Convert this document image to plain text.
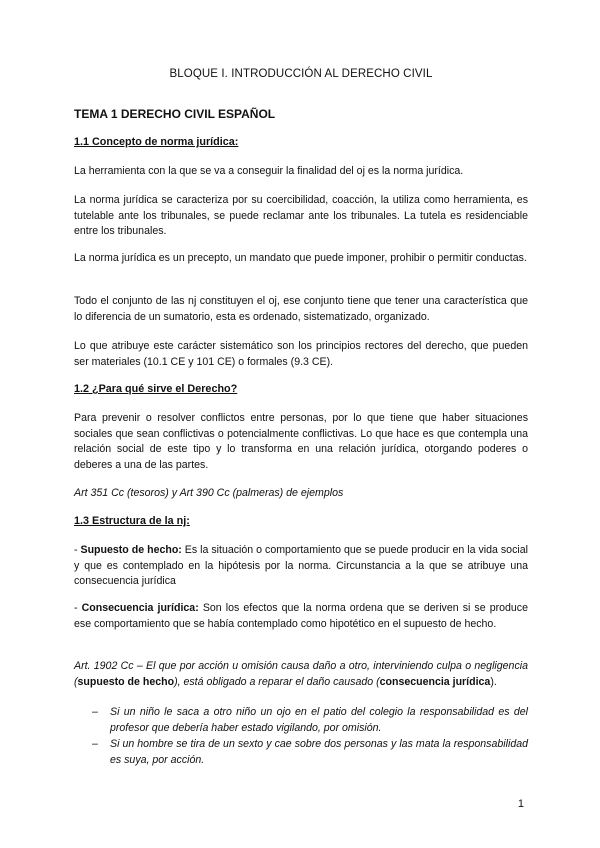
BLOQUE I. INTRODUCCIÓN AL DERECHO CIVIL
TEMA 1 DERECHO CIVIL ESPAÑOL
1.1 Concepto de norma jurídica:

La herramienta con la que se va a conseguir la finalidad del oj es la norma jurídica.

La norma jurídica se caracteriza por su coercibilidad, coacción, la utiliza como herramienta, es tutelable ante los tribunales, se puede reclamar ante los tribunales. La tutela es residenciable entre los tribunales.

La norma jurídica es un precepto, un mandato que puede imponer, prohibir o permitir conductas.

Todo el conjunto de las nj constituyen el oj, ese conjunto tiene que tener una característica que lo diferencia de un sumatorio, esta es ordenado, sistematizado, organizado.

Lo que atribuye este carácter sistemático son los principios rectores del derecho, que pueden ser materiales (10.1 CE y 101 CE) o formales (9.3 CE).

1.2 ¿Para qué sirve el Derecho?

Para prevenir o resolver conflictos entre personas, por lo que tiene que haber situaciones sociales que sean conflictivas o potencialmente conflictivas. Lo que hace es que contempla una relación social de este tipo y lo transforma en una relación jurídica, otorgando poderes o deberes a una de las partes.

Art 351 Cc (tesoros) y Art 390 Cc (palmeras) de ejemplos

1.3 Estructura de la nj:

- Supuesto de hecho: Es la situación o comportamiento que se puede producir en la vida social y que es contemplado en la hipótesis por la norma. Circunstancia a la que se atribuye una consecuencia jurídica

- Consecuencia jurídica: Son los efectos que la norma ordena que se deriven si se produce ese comportamiento que se había contemplado como hipotético en el supuesto de hecho.

Art. 1902 Cc – El que por acción u omisión causa daño a otro, interviniendo culpa o negligencia (supuesto de hecho), está obligado a reparar el daño causado (consecuencia jurídica).

– Si un niño le saca a otro niño un ojo en el patio del colegio la responsabilidad es del profesor que debería haber estado vigilando, por omisión.
– Si un hombre se tira de un sexto y cae sobre dos personas y las mata la responsabilidad es suya, por acción.
1
